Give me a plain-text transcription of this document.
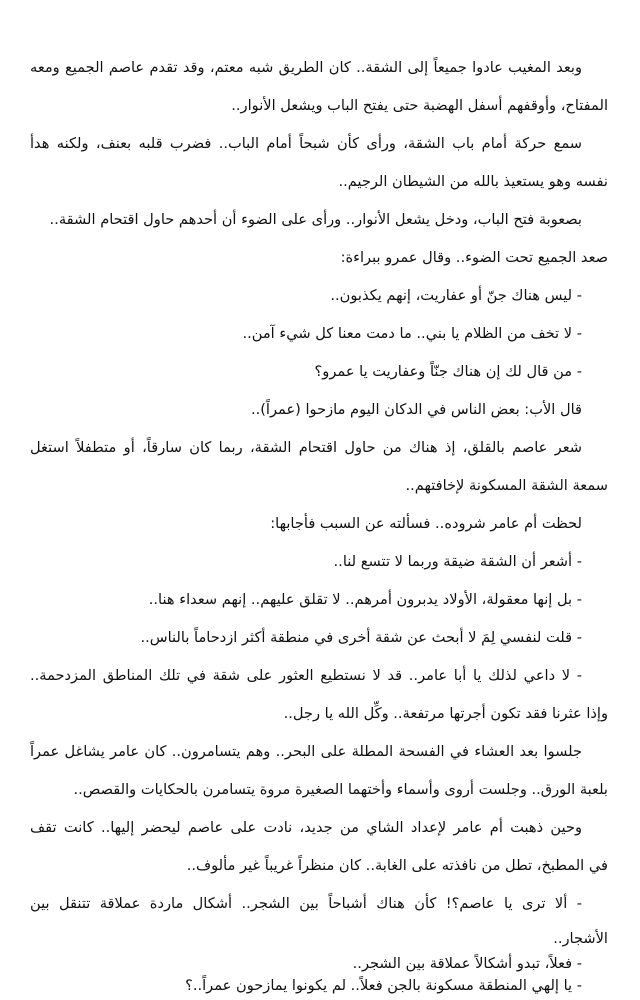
وبعد المغيب عادوا جميعاً إلى الشقة.. كان الطريق شبه معتم، وقد تقدم عاصم الجميع ومعه
المفتاح، وأوقفهم أسفل الهضبة حتى يفتح الباب ويشعل الأنوار..
سمع حركة أمام باب الشقة، ورأى كأن شبحاً أمام الباب.. فضرب قلبه بعنف، ولكنه هدأ
نفسه وهو يستعيذ بالله من الشيطان الرجيم..
بصعوبة فتح الباب، ودخل يشعل الأنوار.. ورأى على الضوء أن أحدهم حاول اقتحام الشقة..
صعد الجميع تحت الضوء.. وقال عمرو ببراءة:
- ليس هناك جنّ أو عفاريت، إنهم يكذبون..
- لا تخف من الظلام يا بني.. ما دمت معنا كل شيء آمن..
- من قال لك إن هناك جنّاً وعفاريت يا عمرو؟
قال الأب: بعض الناس في الدكان اليوم مازحوا (عمراً)..
شعر عاصم بالقلق، إذ هناك من حاول اقتحام الشقة، ربما كان سارقاً، أو متطفلاً استغل
سمعة الشقة المسكونة لإخافتهم..
لحظت أم عامر شروده.. فسألته عن السبب فأجابها:
- أشعر أن الشقة ضيقة وربما لا تتسع لنا..
- بل إنها معقولة، الأولاد يدبرون أمرهم.. لا تقلق عليهم.. إنهم سعداء هنا..
- قلت لنفسي لِمَ لا أبحث عن شقة أخرى في منطقة أكثر ازدحاماً بالناس..
- لا داعي لذلك يا أبا عامر.. قد لا نستطيع العثور على شقة في تلك المناطق المزدحمة..
وإذا عثرنا فقد تكون أجرتها مرتفعة.. وكِّل الله يا رجل..
جلسوا بعد العشاء في الفسحة المطلة على البحر.. وهم يتسامرون.. كان عامر يشاغل عمراً
بلعبة الورق.. وجلست أروى وأسماء وأختهما الصغيرة مروة يتسامرن بالحكايات والقصص..
وحين ذهبت أم عامر لإعداد الشاي من جديد، نادت على عاصم ليحضر إليها.. كانت تقف
في المطبخ، تطل من نافذته على الغابة.. كان منظراً غريباً غير مألوف..
- ألا ترى يا عاصم؟! كأن هناك أشباحاً بين الشجر.. أشكال ماردة عملاقة تتنقل بين
الأشجار..
- فعلاً، تبدو أشكالاً عملاقة بين الشجر..
- يا إلهي المنطقة مسكونة بالجن فعلاً.. لم يكونوا يمازحون عمراً..؟
